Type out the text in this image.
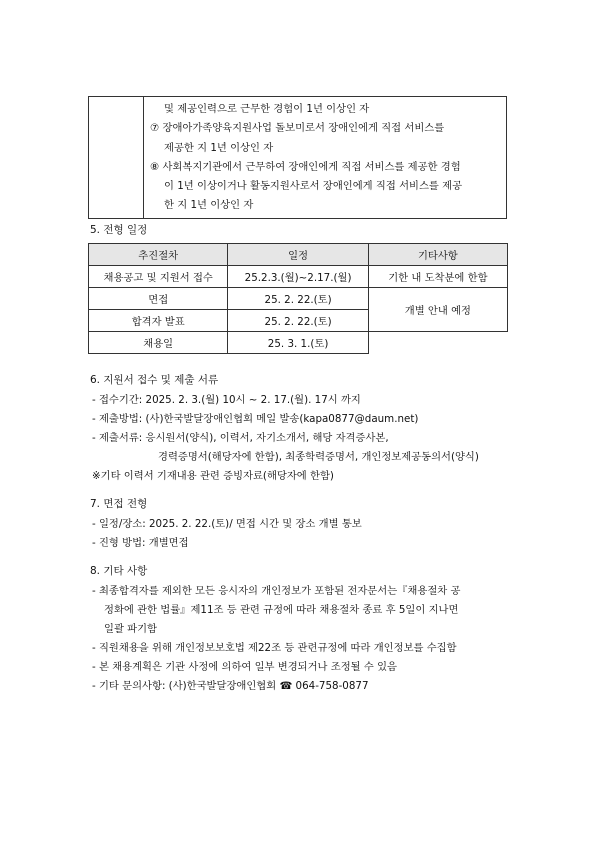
및 제공인력으로 근무한 경험이 1년 이상인 자
⑦ 장애아가족양육지원사업 돌보미로서 장애인에게 직접 서비스를
제공한 지 1년 이상인 자
⑧ 사회복지기관에서 근무하여 장애인에게 직접 서비스를 제공한 경험
이 1년 이상이거나 활동지원사로서 장애인에게 직접 서비스를 제공
한 지 1년 이상인 자
5. 전형 일정
추진절차	일정	기타사항
채용공고 및 지원서 접수	25.2.3.(월)~2.17.(월)	기한 내 도착분에 한함
면접	25. 2. 22.(토)	개별 안내 예정
합격자 발표	25. 2. 22.(토)	
채용일	25. 3. 1.(토)	
6. 지원서 접수 및 제출 서류
- 접수기간: 2025. 2. 3.(월) 10시 ~ 2. 17.(월). 17시 까지
- 제출방법: (사)한국발달장애인협회 메일 발송(kapa0877@daum.net)
- 제출서류: 응시원서(양식), 이력서, 자기소개서, 해당 자격증사본,
경력증명서(해당자에 한함), 최종학력증명서, 개인정보제공동의서(양식)
※기타 이력서 기재내용 관련 증빙자료(해당자에 한함)
7. 면접 전형
- 일정/장소: 2025. 2. 22.(토)/ 면접 시간 및 장소 개별 통보
- 진형 방법: 개별면접
8. 기타 사항
- 최종합격자를 제외한 모든 응시자의 개인정보가 포함된 전자문서는『채용절차 공
정화에 관한 법률』제11조 등 관련 규정에 따라 채용절차 종료 후 5일이 지나면
일괄 파기함
- 직원채용을 위해 개인정보보호법 제22조 등 관련규정에 따라 개인정보를 수집함
- 본 채용계획은 기관 사정에 의하여 일부 변경되거나 조정될 수 있음
- 기타 문의사항: (사)한국발달장애인협회 ☎ 064-758-0877
